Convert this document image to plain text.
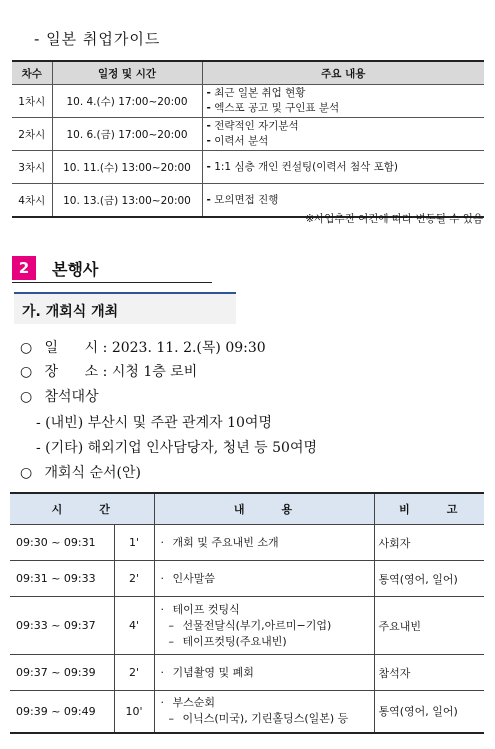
- 일본 취업가이드
차수	일정 및 시간	주요 내용
1차시	10. 4.(수) 17:00~20:00	- 최근 일본 취업 현황
- 엑스포 공고 및 구인표 분석

2차시	10. 6.(금) 17:00~20:00	- 전략적인 자기분석
- 이력서 분석

3차시	10. 11.(수) 13:00~20:00	- 1:1 심층 개인 컨설팅(이력서 첨삭 포함)

4차시	10. 13.(금) 13:00~20:00	- 모의면접 진행
※사업추진 여건에 따라 변동될 수 있음
2	본행사
가. 개회식 개최
○ 일      시 : 2023. 11. 2.(목) 09:30
○ 장      소 : 시청 1층 로비
○ 참석대상
- (내빈) 부산시 및 주관 관계자 10여명
- (기타) 해외기업 인사담당자, 청년 등 50여명
○ 개회식 순서(안)
시      간		내      용	비      고
09:30 ~ 09:31	1'	· 개회 및 주요내빈 소개	사회자
09:31 ~ 09:33	2'	· 인사말씀	통역(영어, 일어)
09:33 ~ 09:37	4'	· 테이프 컷팅식
– 선물전달식(부기,아르미−기업)
– 테이프컷팅(주요내빈)	주요내빈
09:37 ~ 09:39	2'	· 기념촬영 및 폐회	참석자
09:39 ~ 09:49	10'	· 부스순회
– 이닉스(미국), 기린홀딩스(일본) 등	통역(영어, 일어)
